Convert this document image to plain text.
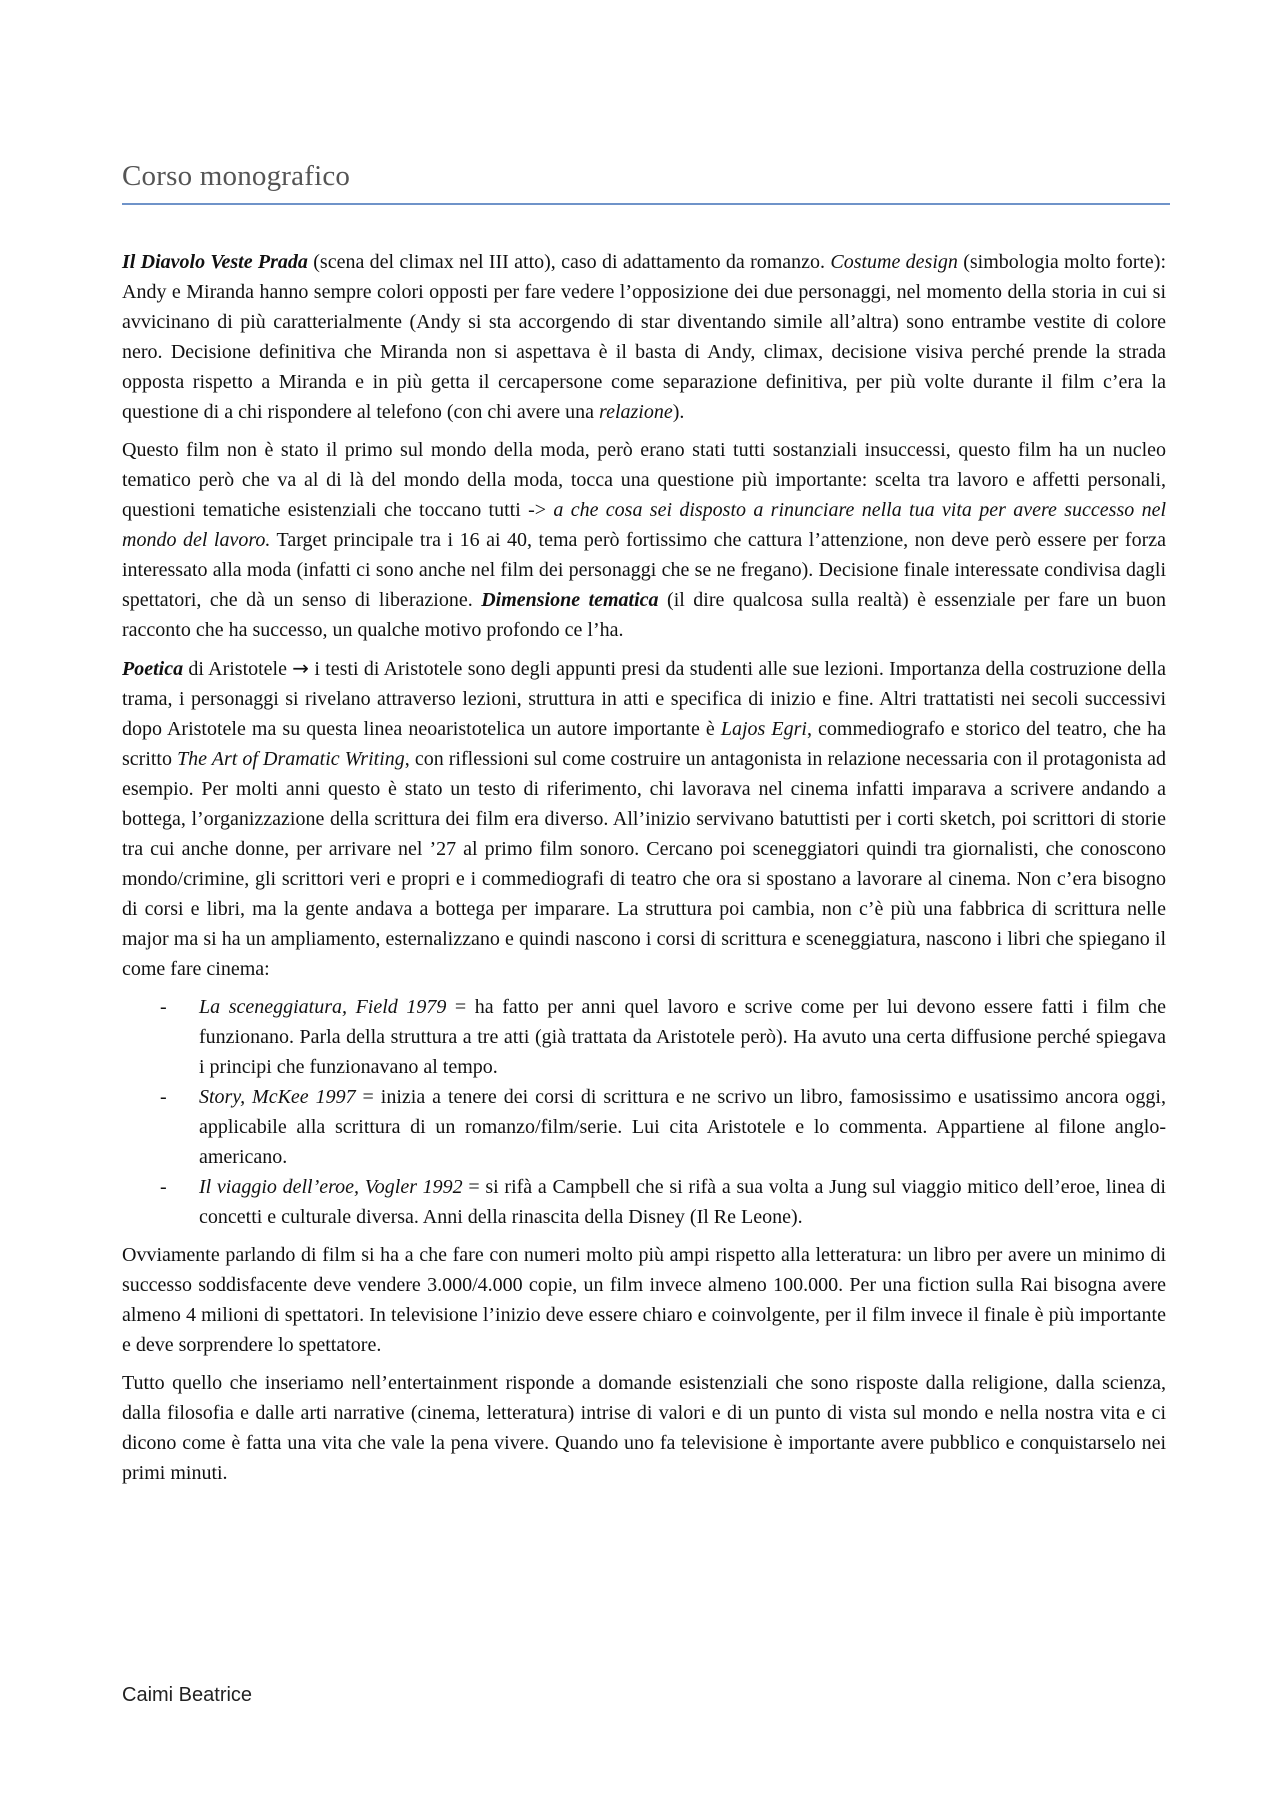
Corso monografico

Il Diavolo Veste Prada (scena del climax nel III atto), caso di adattamento da romanzo. Costume design (simbologia molto forte): Andy e Miranda hanno sempre colori opposti per fare vedere l’opposizione dei due personaggi, nel momento della storia in cui si avvicinano di più caratterialmente (Andy si sta accorgendo di star diventando simile all’altra) sono entrambe vestite di colore nero. Decisione definitiva che Miranda non si aspettava è il basta di Andy, climax, decisione visiva perché prende la strada opposta rispetto a Miranda e in più getta il cercapersone come separazione definitiva, per più volte durante il film c’era la questione di a chi rispondere al telefono (con chi avere una relazione).

Questo film non è stato il primo sul mondo della moda, però erano stati tutti sostanziali insuccessi, questo film ha un nucleo tematico però che va al di là del mondo della moda, tocca una questione più importante: scelta tra lavoro e affetti personali, questioni tematiche esistenziali che toccano tutti -> a che cosa sei disposto a rinunciare nella tua vita per avere successo nel mondo del lavoro. Target principale tra i 16 ai 40, tema però fortissimo che cattura l’attenzione, non deve però essere per forza interessato alla moda (infatti ci sono anche nel film dei personaggi che se ne fregano). Decisione finale interessate condivisa dagli spettatori, che dà un senso di liberazione. Dimensione tematica (il dire qualcosa sulla realtà) è essenziale per fare un buon racconto che ha successo, un qualche motivo profondo ce l’ha.

Poetica di Aristotele → i testi di Aristotele sono degli appunti presi da studenti alle sue lezioni. Importanza della costruzione della trama, i personaggi si rivelano attraverso lezioni, struttura in atti e specifica di inizio e fine. Altri trattatisti nei secoli successivi dopo Aristotele ma su questa linea neoaristotelica un autore importante è Lajos Egri, commediografo e storico del teatro, che ha scritto The Art of Dramatic Writing, con riflessioni sul come costruire un antagonista in relazione necessaria con il protagonista ad esempio. Per molti anni questo è stato un testo di riferimento, chi lavorava nel cinema infatti imparava a scrivere andando a bottega, l’organizzazione della scrittura dei film era diverso. All’inizio servivano batuttisti per i corti sketch, poi scrittori di storie tra cui anche donne, per arrivare nel ’27 al primo film sonoro. Cercano poi sceneggiatori quindi tra giornalisti, che conoscono mondo/crimine, gli scrittori veri e propri e i commediografi di teatro che ora si spostano a lavorare al cinema. Non c’era bisogno di corsi e libri, ma la gente andava a bottega per imparare. La struttura poi cambia, non c’è più una fabbrica di scrittura nelle major ma si ha un ampliamento, esternalizzano e quindi nascono i corsi di scrittura e sceneggiatura, nascono i libri che spiegano il come fare cinema:

- La sceneggiatura, Field 1979 = ha fatto per anni quel lavoro e scrive come per lui devono essere fatti i film che funzionano. Parla della struttura a tre atti (già trattata da Aristotele però). Ha avuto una certa diffusione perché spiegava i principi che funzionavano al tempo.
- Story, McKee 1997 = inizia a tenere dei corsi di scrittura e ne scrivo un libro, famosissimo e usatissimo ancora oggi, applicabile alla scrittura di un romanzo/film/serie. Lui cita Aristotele e lo commenta. Appartiene al filone anglo-americano.
- Il viaggio dell’eroe, Vogler 1992 = si rifà a Campbell che si rifà a sua volta a Jung sul viaggio mitico dell’eroe, linea di concetti e culturale diversa. Anni della rinascita della Disney (Il Re Leone).

Ovviamente parlando di film si ha a che fare con numeri molto più ampi rispetto alla letteratura: un libro per avere un minimo di successo soddisfacente deve vendere 3.000/4.000 copie, un film invece almeno 100.000. Per una fiction sulla Rai bisogna avere almeno 4 milioni di spettatori. In televisione l’inizio deve essere chiaro e coinvolgente, per il film invece il finale è più importante e deve sorprendere lo spettatore.

Tutto quello che inseriamo nell’entertainment risponde a domande esistenziali che sono risposte dalla religione, dalla scienza, dalla filosofia e dalle arti narrative (cinema, letteratura) intrise di valori e di un punto di vista sul mondo e nella nostra vita e ci dicono come è fatta una vita che vale la pena vivere. Quando uno fa televisione è importante avere pubblico e conquistarselo nei primi minuti.

Caimi Beatrice
